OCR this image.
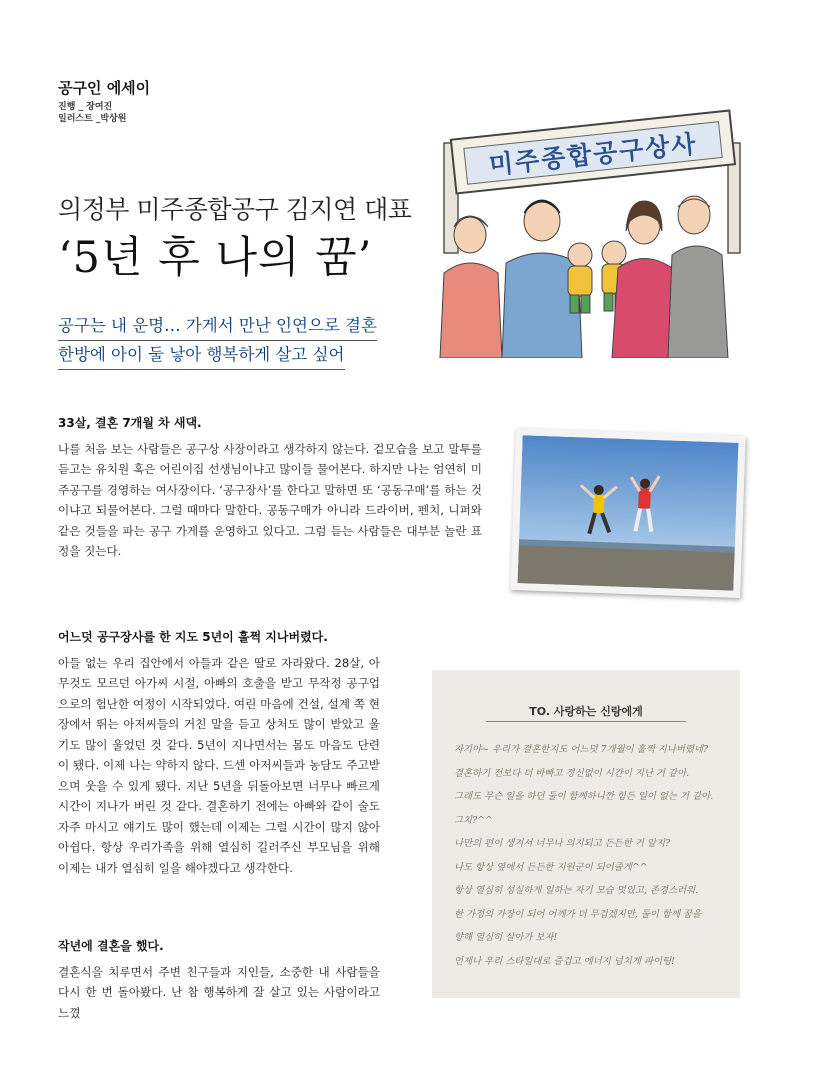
공구인 에세이
진행 _ 장여진
일러스트 _박상원
미주종합공구상사
의정부 미주종합공구 김지연 대표
‘5년 후 나의 꿈’
공구는 내 운명… 가게서 만난 인연으로 결혼
한방에 아이 둘 낳아 행복하게 살고 싶어
33살, 결혼 7개월 차 새댁.

나를 처음 보는 사람들은 공구상 사장이라고 생각하지 않는다. 겉모습을 보고 말투를 듣고는 유치원 혹은 어린이집 선생님이냐고 많이들 물어본다. 하지만 나는 엄연히 미주공구를 경영하는 여사장이다. ‘공구장사’를 한다고 말하면 또 ‘공동구매’를 하는 것이냐고 되물어본다. 그럴 때마다 말한다. 공동구매가 아니라 드라이버, 펜치, 니퍼와 같은 것들을 파는 공구 가게를 운영하고 있다고. 그럼 듣는 사람들은 대부분 놀란 표정을 짓는다.

어느덧 공구장사를 한 지도 5년이 훌쩍 지나버렸다.

아들 없는 우리 집안에서 아들과 같은 딸로 자라왔다. 28살, 아무것도 모르던 아가씨 시절, 아빠의 호출을 받고 무작정 공구업으로의 험난한 여정이 시작되었다. 여린 마음에 건설, 설계 쪽 현장에서 뛰는 아저씨들의 거친 말을 듣고 상처도 많이 받았고 울기도 많이 울었던 것 같다. 5년이 지나면서는 몸도 마음도 단련이 됐다. 이제 나는 약하지 않다. 드센 아저씨들과 농담도 주고받으며 웃을 수 있게 됐다. 지난 5년을 뒤돌아보면 너무나 빠르게 시간이 지나가 버린 것 같다. 결혼하기 전에는 아빠와 같이 술도 자주 마시고 얘기도 많이 했는데 이제는 그럴 시간이 많지 않아 아쉽다. 항상 우리가족을 위해 열심히 길러주신 부모님을 위해 이제는 내가 열심히 일을 해야겠다고 생각한다.

작년에 결혼을 했다.

결혼식을 치루면서 주변 친구들과 지인들, 소중한 내 사람들을 다시 한 번 돌아봤다. 난 참 행복하게 잘 살고 있는 사람이라고 느꼈

TO. 사랑하는 신랑에게
자기야~ 우리가 결혼한지도 어느덧 7개월이 훌쩍 지나버렸네?
결혼하기 전보다 더 바빠고 정신없이 시간이 지난 거 같아.
그래도 무슨 일을 하던 둘이 함께하니깐 힘든 일이 없는 거 같아.
그치?^^
나만의 편이 생겨서 너무나 의지되고 든든한 거 알지?
나도 항상 옆에서 든든한 지원군이 되어줄게^^
항상 열심히 성실하게 일하는 자기 모습 멋있고, 존경스러워.
한 가정의 가장이 되어 어깨가 더 무겁겠지만, 둘이 함께 꿈을
향해 열심히 살아가 보자!
언제나 우리 스타일대로 즐겁고 에너지 넘치게 파이팅!
